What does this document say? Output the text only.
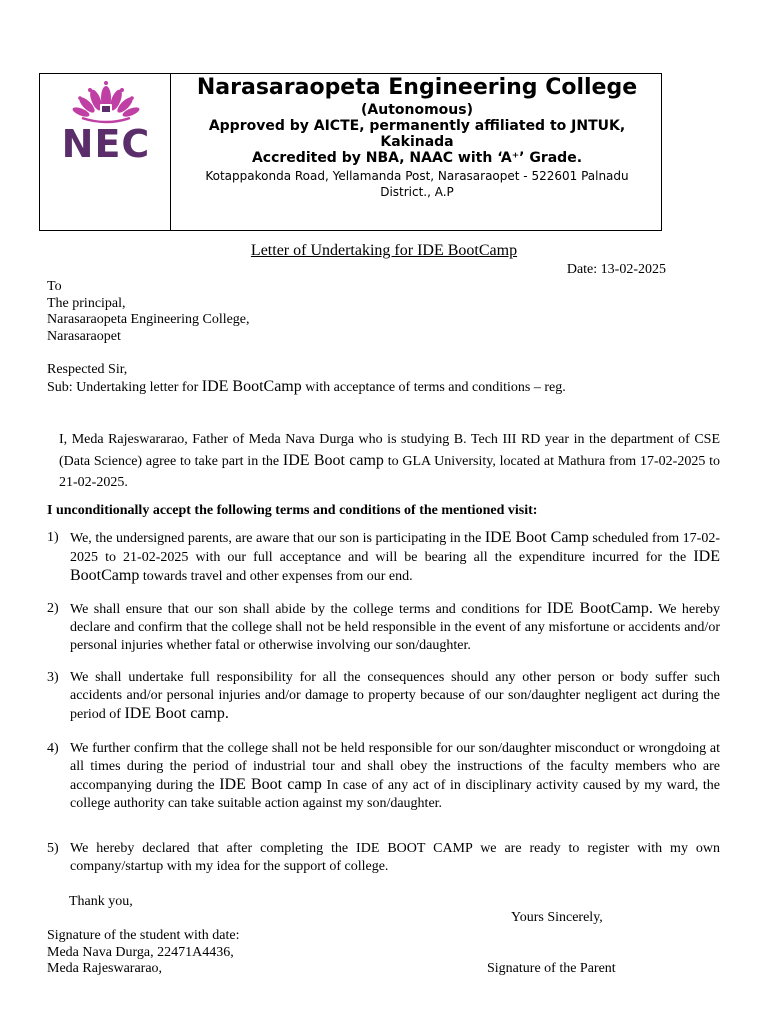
NEC
Narasaraopeta Engineering College
(Autonomous)
Approved by AICTE, permanently affiliated to JNTUK, Kakinada
Accredited by NBA, NAAC with ‘A⁺’ Grade.
Kotappakonda Road, Yellamanda Post, Narasaraopet - 522601 Palnadu District., A.P
Letter of Undertaking for IDE BootCamp
Date: 13-02-2025
To
The principal,
Narasaraopeta Engineering College,
Narasaraopet
Respected Sir,
Sub: Undertaking letter for IDE BootCamp with acceptance of terms and conditions – reg.
I, Meda Rajeswararao, Father of Meda Nava Durga who is studying B. Tech III RD year in the department of CSE (Data Science) agree to take part in the IDE Boot camp to GLA University, located at Mathura from 17-02-2025 to 21-02-2025.
I unconditionally accept the following terms and conditions of the mentioned visit:
1) We, the undersigned parents, are aware that our son is participating in the IDE Boot Camp scheduled from 17-02-2025 to 21-02-2025 with our full acceptance and will be bearing all the expenditure incurred for the IDE BootCamp towards travel and other expenses from our end.
2) We shall ensure that our son shall abide by the college terms and conditions for IDE BootCamp. We hereby declare and confirm that the college shall not be held responsible in the event of any misfortune or accidents and/or personal injuries whether fatal or otherwise involving our son/daughter.
3) We shall undertake full responsibility for all the consequences should any other person or body suffer such accidents and/or personal injuries and/or damage to property because of our son/daughter negligent act during the period of IDE Boot camp.
4) We further confirm that the college shall not be held responsible for our son/daughter misconduct or wrongdoing at all times during the period of industrial tour and shall obey the instructions of the faculty members who are accompanying during the IDE Boot camp In case of any act of in disciplinary activity caused by my ward, the college authority can take suitable action against my son/daughter.
5) We hereby declared that after completing the IDE BOOT CAMP we are ready to register with my own company/startup with my idea for the support of college.
Thank you,
Yours Sincerely,
Signature of the student with date:
Meda Nava Durga, 22471A4436,
Meda Rajeswararao,	Signature of the Parent
